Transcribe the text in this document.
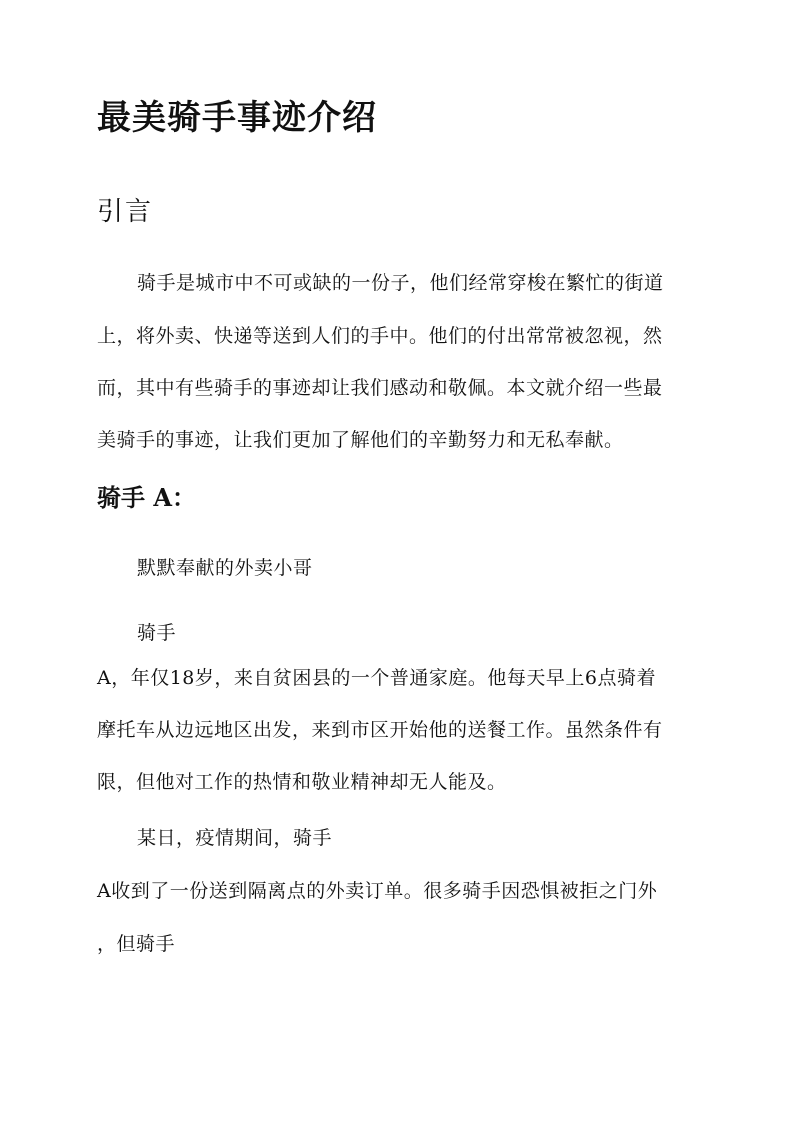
最美骑手事迹介绍
引言

骑手是城市中不可或缺的一份子，他们经常穿梭在繁忙的街道

上，将外卖、快递等送到人们的手中。他们的付出常常被忽视，然

而，其中有些骑手的事迹却让我们感动和敬佩。本文就介绍一些最

美骑手的事迹，让我们更加了解他们的辛勤努力和无私奉献。

骑手 A：

默默奉献的外卖小哥

骑手

A，年仅18岁，来自贫困县的一个普通家庭。他每天早上6点骑着

摩托车从边远地区出发，来到市区开始他的送餐工作。虽然条件有

限，但他对工作的热情和敬业精神却无人能及。

某日，疫情期间，骑手

A收到了一份送到隔离点的外卖订单。很多骑手因恐惧被拒之门外

，但骑手
